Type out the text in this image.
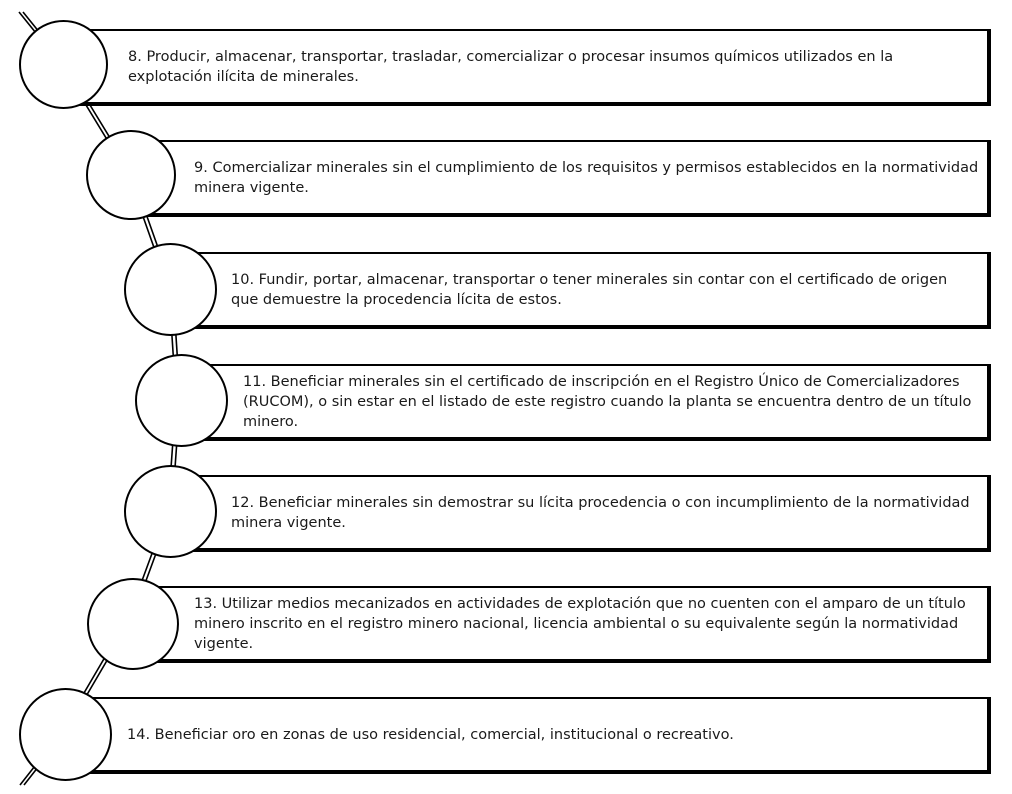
8. Producir, almacenar, transportar, trasladar, comercializar o procesar insumos químicos utilizados en la explotación ilícita de minerales.

9. Comercializar minerales sin el cumplimiento de los requisitos y permisos establecidos en la normatividad minera vigente.

10. Fundir, portar, almacenar, transportar o tener minerales sin contar con el certificado de origen que demuestre la procedencia lícita de estos.

11. Beneficiar minerales sin el certificado de inscripción en el Registro Único de Comercializadores (RUCOM), o sin estar en el listado de este registro cuando la planta se encuentra dentro de un título minero.

12. Beneficiar minerales sin demostrar su lícita procedencia o con incumplimiento de la normatividad minera vigente.

13. Utilizar medios mecanizados en actividades de explotación que no cuenten con el amparo de un título minero inscrito en el registro minero nacional, licencia ambiental o su equivalente según la normatividad vigente.

14. Beneficiar oro en zonas de uso residencial, comercial, institucional o recreativo.
